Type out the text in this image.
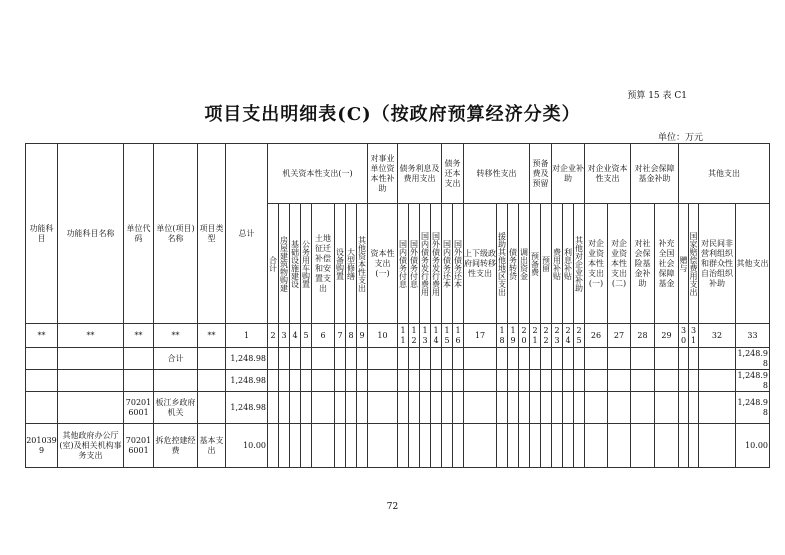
预算 15 表 C1
项目支出明细表(C)（按政府预算经济分类）
单位：万元
功能科目	功能科目名称	单位代码	单位(项目)名称	项目类型	总计	机关资本性支出(一)								对事业单位资本性补助	债务利息及费用支出				债务还本支出		转移性支出				预备费及预留		对企业补助			对企业资本性支出		对社会保障基金补助		其他支出			

						合计	房屋建筑物购建	基础设施建设	公务用车购置	土地征迁补偿和安置支出	设备购置	大型修缮	其他资本性支出	资本性支出(一)	国内债务付息	国外债务付息	国内债务发行费用	国外债务发行费用	国内债务还本	国外债务还本	上下级政府间转移性支出	援助其他地区支出	债务转贷	调出资金	预备费	预留	费用补贴	利息补贴	其他对企业补助	对企业资本性支出(一)	对企业资本性支出(二)	对社会保险基金补助	补充全国社会保障基金	赠与	国家赔偿费用支出	对民间非营利组织和群众性自治组织补助	其他支出
**	**	**	**	**	1	2	3	4	5	6	7	8	9	10	11	12	13	14	15	16	17	18	19	20	21	22	23	24	25	26	27	28	29	30	31	32	33
			合计		1,248.98																																1,248.98
					1,248.98																																1,248.98
		702016001	板江乡政府机关		1,248.98																																1,248.98
2010399	其他政府办公厅(室)及相关机构事务支出	702016001	拆危控建经费	基本支出	10.00																																10.00
72
